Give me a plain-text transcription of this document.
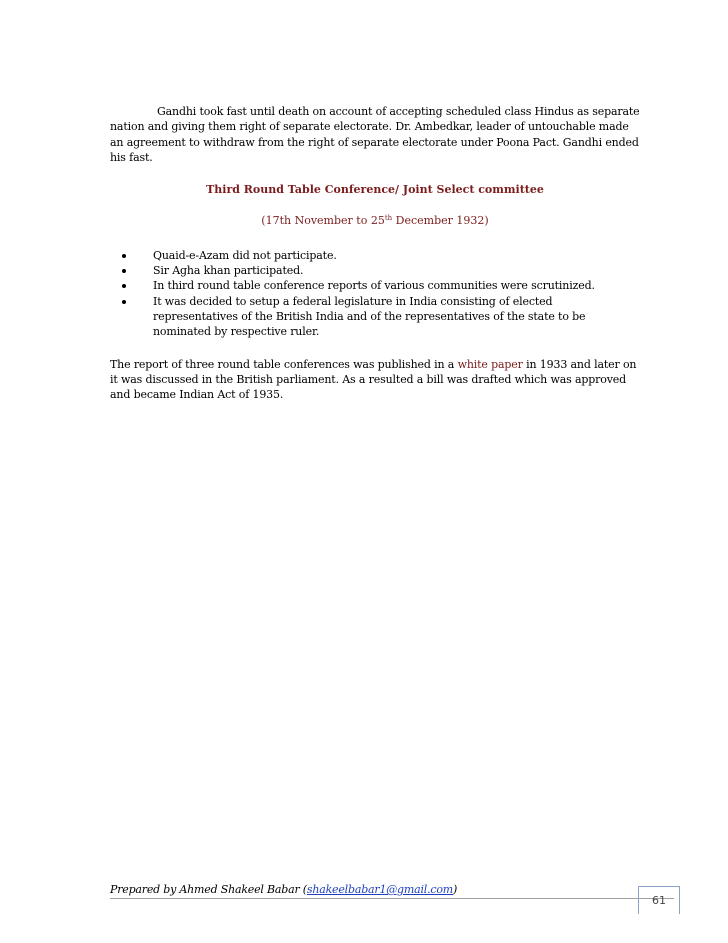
Gandhi took fast until death on account of accepting scheduled class Hindus as separate nation and giving them right of separate electorate. Dr. Ambedkar, leader of untouchable made an agreement to withdraw from the right of separate electorate under Poona Pact. Gandhi ended his fast.

Third Round Table Conference/ Joint Select committee

(17th November to 25th December 1932)

Quaid-e-Azam did not participate.
Sir Agha khan participated.
In third round table conference reports of various communities were scrutinized.
It was decided to setup a federal legislature in India consisting of elected representatives of the British India and of the representatives of the state to be nominated by respective ruler.

The report of three round table conferences was published in a white paper in 1933 and later on it was discussed in the British parliament. As a resulted a bill was drafted which was approved and became Indian Act of 1935.

Prepared by Ahmed Shakeel Babar (shakeelbabar1@gmail.com)
61
